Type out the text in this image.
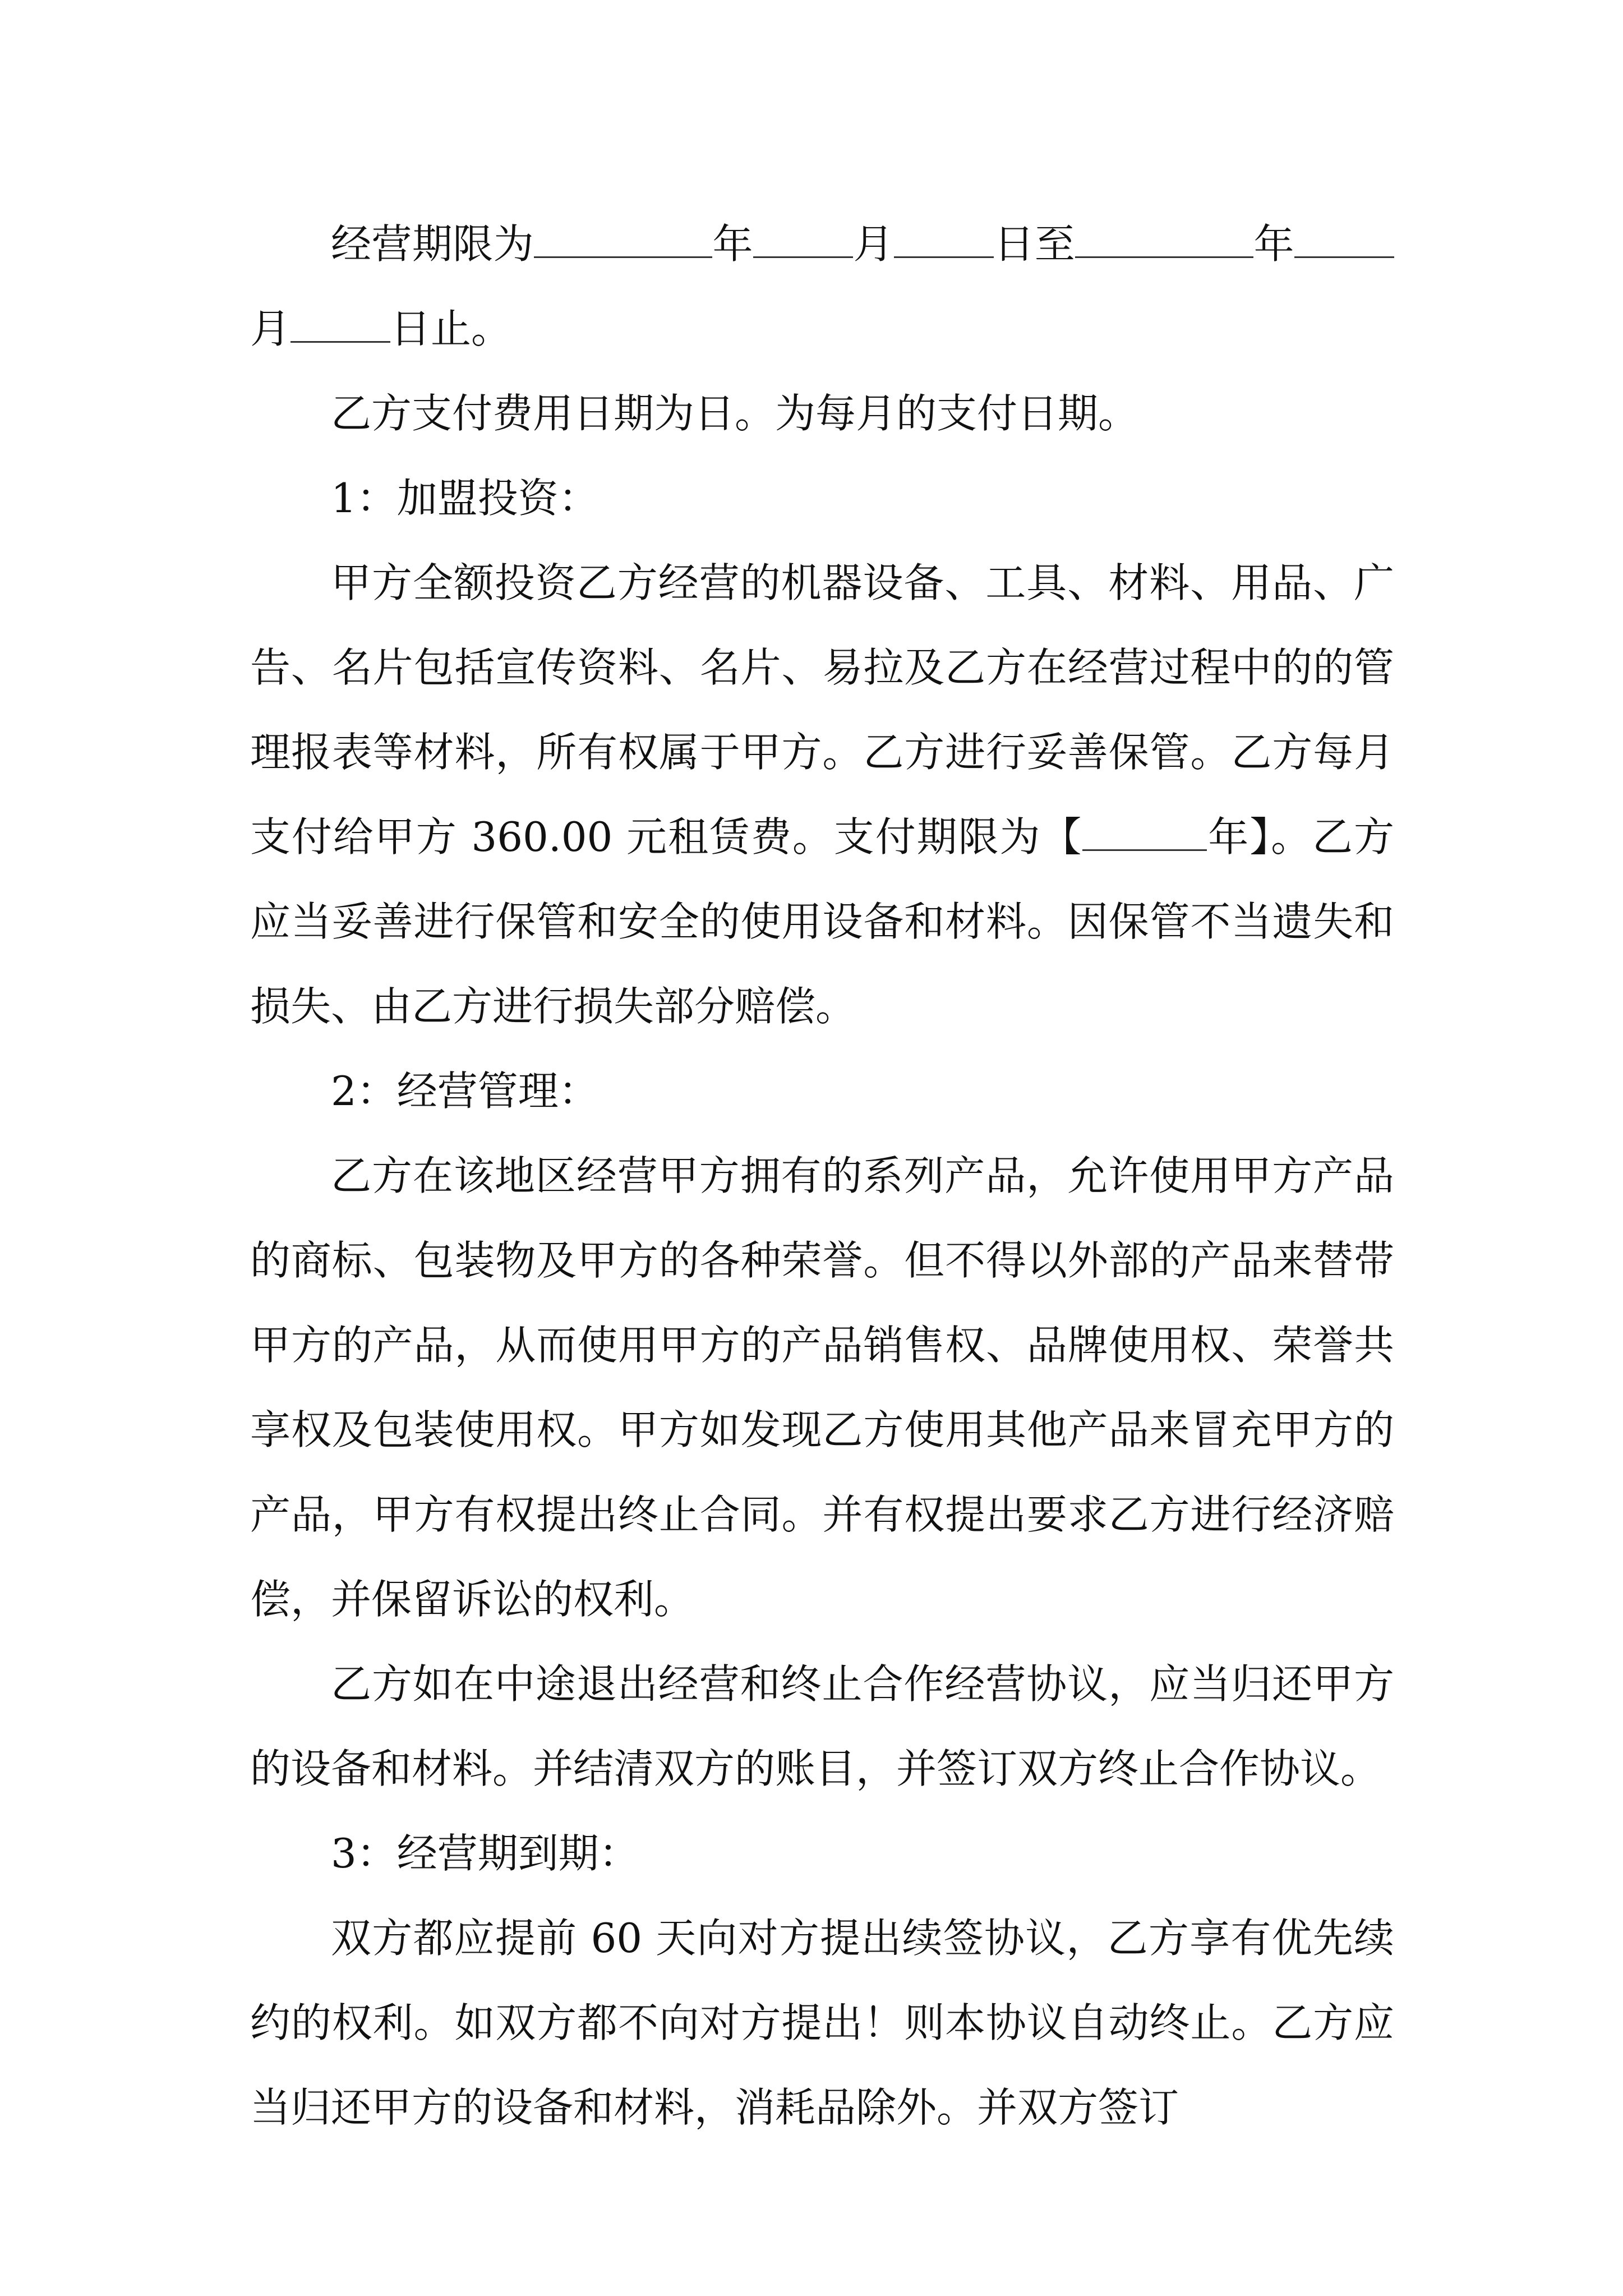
经营期限为	年 月 日至	年月 日止。

乙方支付费用日期为日。为每月的支付日期。

1：加盟投资：

甲方全额投资乙方经营的机器设备、工具、材料、用品、广告、名片包括宣传资料、名片、易拉及乙方在经营过程中的的管理报表等材料，所有权属于甲方。乙方进行妥善保管。乙方每月支付给甲方 360.00 元租赁费。支付期限为【	年】。乙方应当妥善进行保管和安全的使用设备和材料。因保管不当遗失和损失、由乙方进行损失部分赔偿。

2：经营管理：

乙方在该地区经营甲方拥有的系列产品，允许使用甲方产品的商标、包装物及甲方的各种荣誉。但不得以外部的产品来替带甲方的产品，从而使用甲方的产品销售权、品牌使用权、荣誉共享权及包装使用权。甲方如发现乙方使用其他产品来冒充甲方的产品，甲方有权提出终止合同。并有权提出要求乙方进行经济赔偿，并保留诉讼的权利。

乙方如在中途退出经营和终止合作经营协议，应当归还甲方的设备和材料。并结清双方的账目，并签订双方终止合作协议。

3：经营期到期：

双方都应提前 60 天向对方提出续签协议，乙方享有优先续约的权利。如双方都不向对方提出！则本协议自动终止。乙方应当归还甲方的设备和材料，消耗品除外。并双方签订
